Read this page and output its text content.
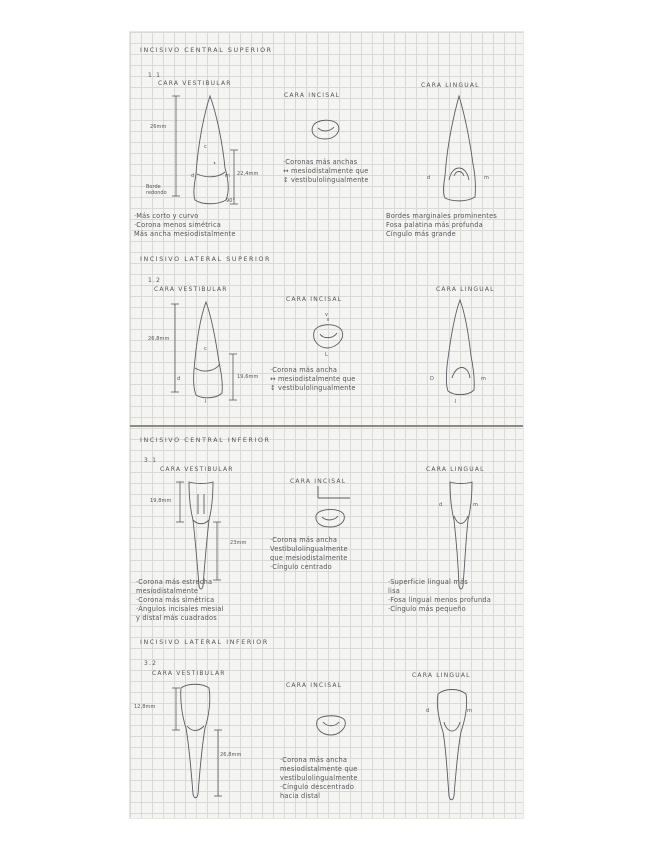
INCISIVO CENTRAL SUPERIOR
1.1
CARA VESTIBULAR
CARA INCISAL
CARA LINGUAL
26mm
c
d	m 22,4mm
Borde redondo
90°
·Coronas más anchas
↔ mesiodistalmente que
↕ vestibulolingualmente	d	m
·Más corto y curvo
·Corona menos simétrica
Más ancha mesiodistalmente
Bordes marginales prominentes
Fosa palatina más profunda
Cíngulo más grande
INCISIVO LATERAL SUPERIOR
1.2
CARA VESTIBULAR
CARA INCISAL
CARA LINGUAL
26,8mm
c
d
I
19,6mm
v
L
·Corona más ancha
↔ mesiodistalmente que
↕ vestibulolingualmente
D	m
I
INCISIVO CENTRAL INFERIOR
3.1
CARA VESTIBULAR
CARA INCISAL
CARA LINGUAL
19,8mm
23mm	·Corona más ancha
Vestibulolingualmente
que mesiodistalmente
·Cíngulo centrado
d	m
·Corona más estrecha
mesiodistalmente
·Corona más simétrica
·Ángulos incisales mesial
y distal más cuadrados
·Superficie lingual más
lisa
·Fosa lingual menos profunda
·Cíngulo más pequeño
INCISIVO LATERAL INFERIOR
3.2
CARA VESTIBULAR
CARA INCISAL
CARA LINGUAL
12,8mm
26,8mm
·Corona más ancha
mesiodistalmente que
vestibulolingualmente
·Cíngulo descentrado
hacia distal
d	m
